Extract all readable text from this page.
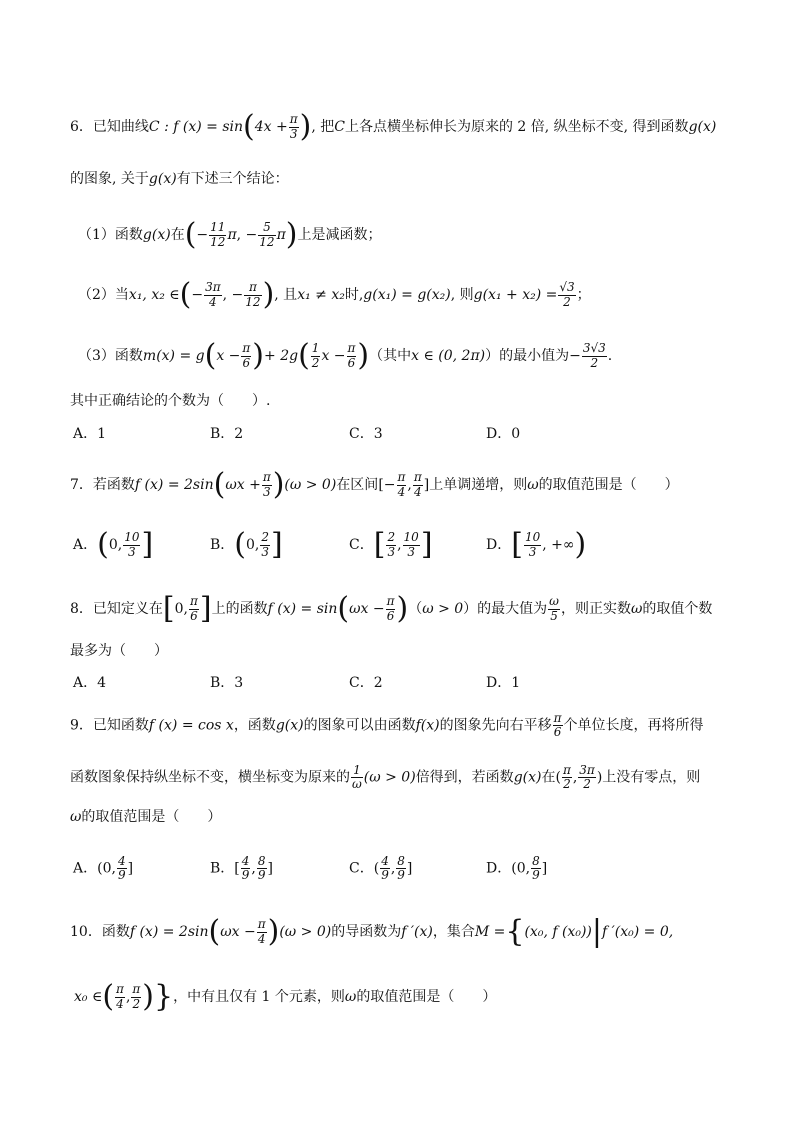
6．已知曲线C : f $(x) = \sin(4x + \frac{\pi}{3}$ ), 把C上各点横坐标伸长为原来的 2 倍, 纵坐标不变, 得到函数g(x)
的图象, 关于g(x)有下述三个结论：
（1）函数g(x)在(− $\frac{11}{12} \pi$, − $\frac{5}{12} \pi$)上是减函数；
（2）当x₁, x₂ ∈(− $\frac{3\pi}{4}$ , − $\frac{\pi}{12}$ ), 且x₁ ≠ x₂时,g(x₁) = g(x₂), 则$g(x_1 + x_2) = \frac{√3}{2}$ ；
（3）函数$m(x) = g(x - \frac{\pi}{6}$ )+ $2g( \frac{1}{2}$ $x - \frac{\pi}{6}$ )（其中x ∈ (0, 2π)）的最小值为− $\frac{3√3}{2}$ .
其中正确结论的个数为（　　）.
A．1	B．2	C．3	D．0
7．若函数f $(x) = 2\sin(\omega x + \frac{\pi}{3} )(\omega > 0)$在区间[− $\frac{\pi}{4}$ , $\frac{\pi}{4}$ ]上单调递增，则ω的取值范围是（　　）
A．(0, $\frac{10}{3}$ ]	B．(0, $\frac{2}{3}$ ]	C．[ $\frac{2}{3}$ , $\frac{10}{3}$ ]	D．[ $\frac{10}{3}$ , +∞)
8．已知定义在[0, $\frac{\pi}{6}$ ]上的函数f $(x) = \sin(\omega x - \frac{\pi}{6} )(\omega > 0)$的最大值为 $\frac{\omega}{5}$ ，则正实数ω的取值个数
最多为（　　）
A．4	B．3	C．2	D．1
9．已知函数f (x) = cos x，函数g(x)的图象可以由函数f(x)的图象先向右平移 $\frac{\pi}{6}$ 个单位长度，再将所得
函数图象保持纵坐标不变，横坐标变为原来的 $\frac{1}{\omega} (\omega > 0)$倍得到，若函数g(x)在( $\frac{\pi}{2}$ , $\frac{3\pi}{2}$ )上没有零点，则
ω的取值范围是（　　）
A．(0, $\frac{4}{9}$ ]	B．[ $\frac{4}{9}$ , $\frac{8}{9}$ ]	C．( $\frac{4}{9}$ , $\frac{8}{9}$ ]	D．(0, $\frac{8}{9}$ ]
10．函数f $(x) = 2\sin(\omega x - \frac{\pi}{4} )(\omega > 0)$的导函数为f ′(x)，集合M ={(x₀, f (x₀))|f ′(x₀) = 0,
x₀ ∈( $\frac{\pi}{4}$ , $\frac{\pi}{2}$ )}，中有且仅有 1 个元素，则ω的取值范围是（　　）
